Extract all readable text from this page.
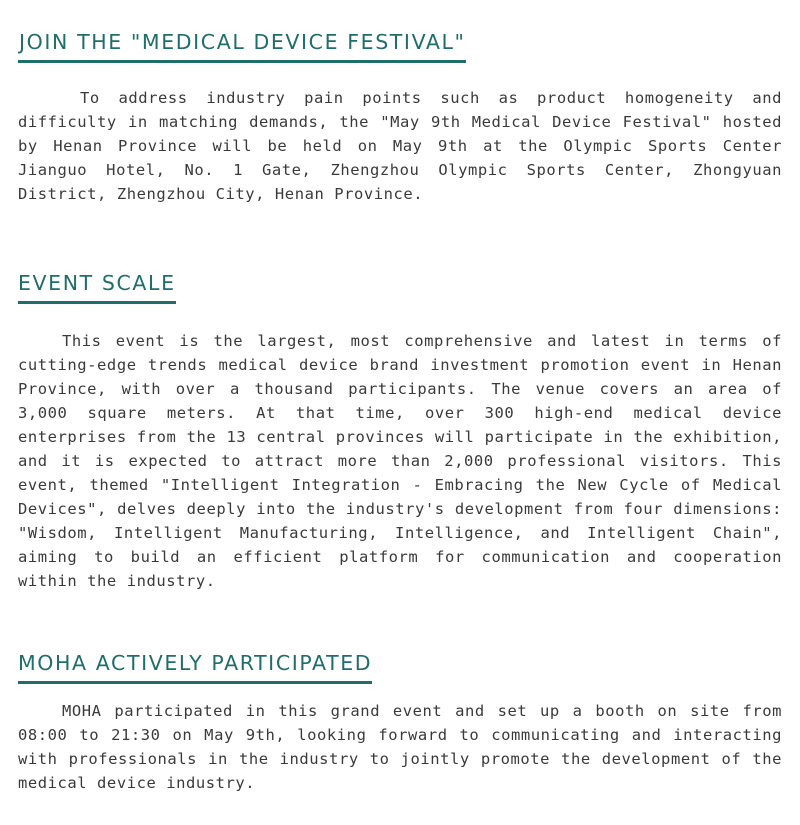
JOIN THE "MEDICAL DEVICE FESTIVAL"

To address industry pain points such as product homogeneity and difficulty in matching demands, the "May 9th Medical Device Festival" hosted by Henan Province will be held on May 9th at the Olympic Sports Center Jianguo Hotel, No. 1 Gate, Zhengzhou Olympic Sports Center, Zhongyuan District, Zhengzhou City, Henan Province.

EVENT SCALE

This event is the largest, most comprehensive and latest in terms of cutting-edge trends medical device brand investment promotion event in Henan Province, with over a thousand participants. The venue covers an area of 3,000 square meters. At that time, over 300 high-end medical device enterprises from the 13 central provinces will participate in the exhibition, and it is expected to attract more than 2,000 professional visitors. This event, themed "Intelligent Integration - Embracing the New Cycle of Medical Devices", delves deeply into the industry's development from four dimensions: "Wisdom, Intelligent Manufacturing, Intelligence, and Intelligent Chain", aiming to build an efficient platform for communication and cooperation within the industry.

MOHA ACTIVELY PARTICIPATED

MOHA participated in this grand event and set up a booth on site from 08:00 to 21:30 on May 9th, looking forward to communicating and interacting with professionals in the industry to jointly promote the development of the medical device industry.
